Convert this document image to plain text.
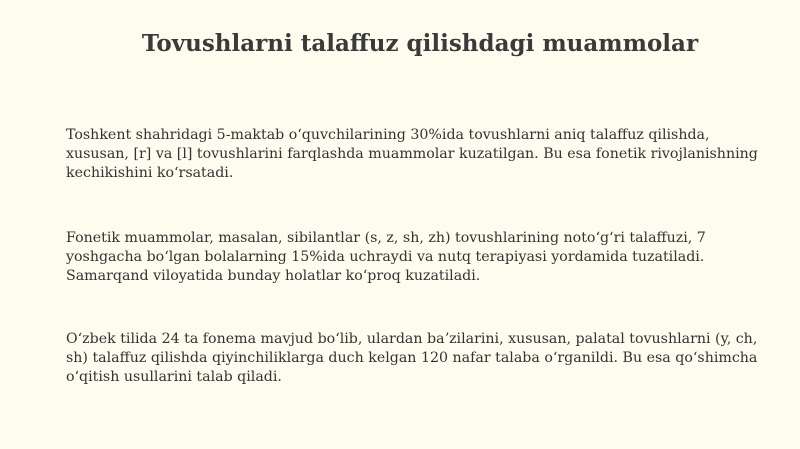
Tovushlarni talaffuz qilishdagi muammolar
Toshkent shahridagi 5-maktab oʻquvchilarining 30%ida tovushlarni aniq talaffuz qilishda, xususan, [r] va [l] tovushlarini farqlashda muammolar kuzatilgan. Bu esa fonetik rivojlanishning kechikishini koʻrsatadi.
Fonetik muammolar, masalan, sibilantlar (s, z, sh, zh) tovushlarining notoʻgʻri talaffuzi, 7 yoshgacha boʻlgan bolalarning 15%ida uchraydi va nutq terapiyasi yordamida tuzatiladi. Samarqand viloyatida bunday holatlar koʻproq kuzatiladi.
Oʻzbek tilida 24 ta fonema mavjud boʻlib, ulardan baʼzilarini, xususan, palatal tovushlarni (y, ch, sh) talaffuz qilishda qiyinchiliklarga duch kelgan 120 nafar talaba oʻrganildi. Bu esa qoʻshimcha oʻqitish usullarini talab qiladi.
